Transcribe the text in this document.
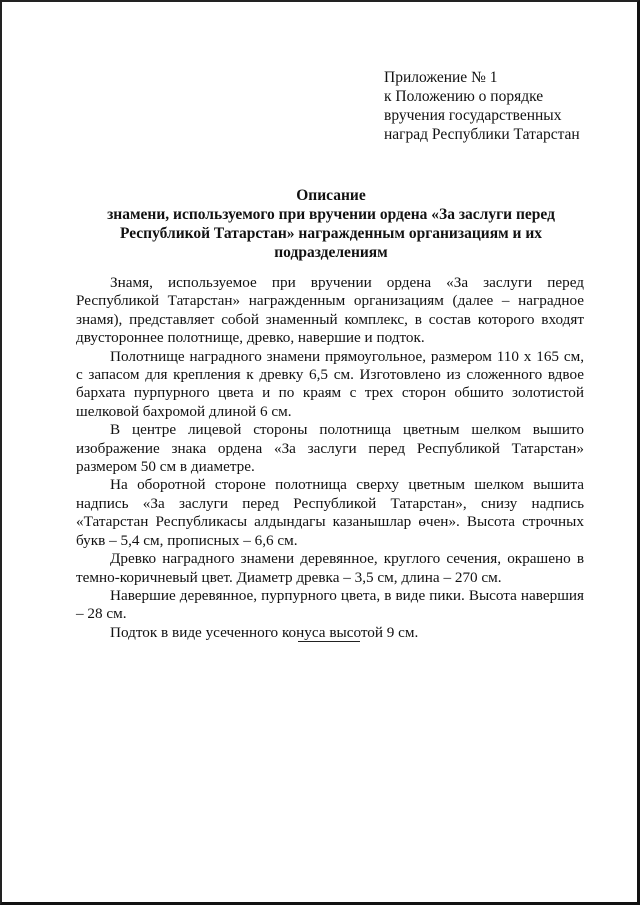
Приложение № 1
к Положению о порядке
вручения государственных
наград Республики Татарстан
Описание
знамени, используемого при вручении ордена «За заслуги перед
Республикой Татарстан» награжденным организациям и их
подразделениям

Знамя, используемое при вручении ордена «За заслуги перед Республикой Татарстан» награжденным организациям (далее – наградное знамя), представляет собой знаменный комплекс, в состав которого входят двустороннее полотнище, древко, навершие и подток.

Полотнище наградного знамени прямоугольное, размером 110 х 165 см, с запасом для крепления к древку 6,5 см. Изготовлено из сложенного вдвое бархата пурпурного цвета и по краям с трех сторон обшито золотистой шелковой бахромой длиной 6 см.

В центре лицевой стороны полотнища цветным шелком вышито изображение знака ордена «За заслуги перед Республикой Татарстан» размером 50 см в диаметре.

На оборотной стороне полотнища сверху цветным шелком вышита надпись «За заслуги перед Республикой Татарстан», снизу надпись «Татарстан Республикасы алдындагы казанышлар өчен». Высота строчных букв – 5,4 см, прописных – 6,6 см.

Древко наградного знамени деревянное, круглого сечения, окрашено в темно-коричневый цвет. Диаметр древка – 3,5 см, длина – 270 см.

Навершие деревянное, пурпурного цвета, в виде пики. Высота навершия – 28 см.

Подток в виде усеченного конуса высотой 9 см.
